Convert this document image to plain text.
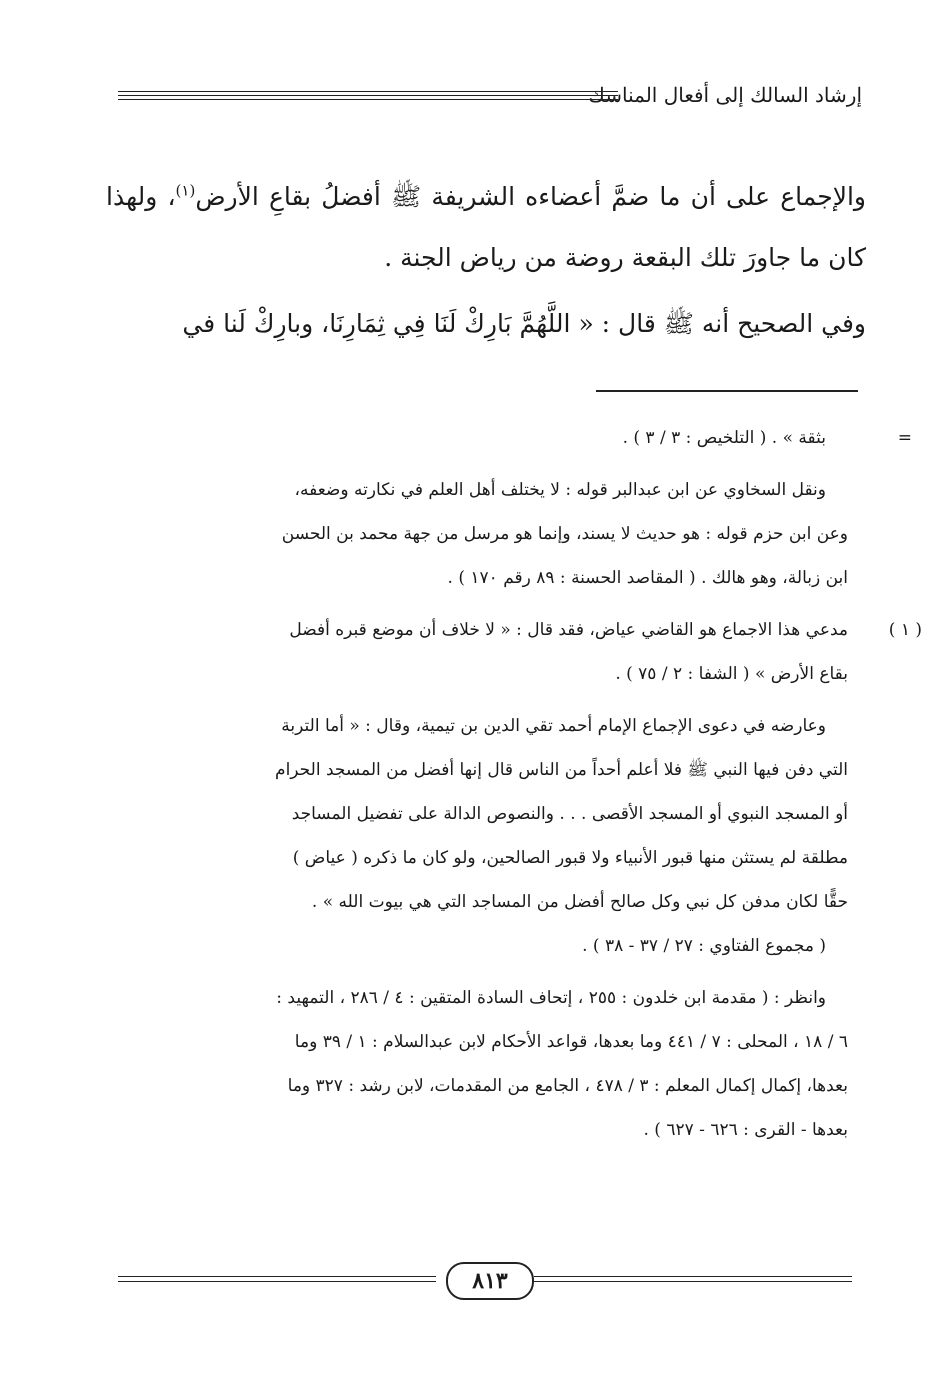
إرشاد السالك إلى أفعال المناسك

والإجماع على أن ما ضمَّ أعضاءه الشريفة ﷺ أفضلُ بقاعِ الأرض$^{(١)}$، ولهذا كان ما جاورَ تلك البقعة روضة من رياض الجنة .

وفي الصحيح أنه ﷺ قال : « اللَّهُمَّ بَارِكْ لَنَا فِي ثِمَارِنَا، وبارِكْ لَنا في

=
بثقة » . ( التلخيص : ٣ / ٣ ) .

ونقل السخاوي عن ابن عبدالبر قوله : لا يختلف أهل العلم في نكارته وضعفه،

وعن ابن حزم قوله : هو حديث لا يسند، وإنما هو مرسل من جهة محمد بن الحسن

ابن زبالة، وهو هالك . ( المقاصد الحسنة : ٨٩ رقم ١٧٠ ) .

( ١ )
مدعي هذا الاجماع هو القاضي عياض، فقد قال : « لا خلاف أن موضع قبره أفضل

بقاع الأرض » ( الشفا : ٢ / ٧٥ ) .

وعارضه في دعوى الإجماع الإمام أحمد تقي الدين بن تيمية، وقال : « أما التربة

التي دفن فيها النبي ﷺ فلا أعلم أحداً من الناس قال إنها أفضل من المسجد الحرام

أو المسجد النبوي أو المسجد الأقصى . . . والنصوص الدالة على تفضيل المساجد

مطلقة لم يستثن منها قبور الأنبياء ولا قبور الصالحين، ولو كان ما ذكره ( عياض )

حقًّا لكان مدفن كل نبي وكل صالح أفضل من المساجد التي هي بيوت الله » .

( مجموع الفتاوي : ٢٧ / ٣٧ - ٣٨ ) .

وانظر : ( مقدمة ابن خلدون : ٢٥٥ ، إتحاف السادة المتقين : ٤ / ٢٨٦ ، التمهيد :

٦ / ١٨ ، المحلى : ٧ / ٤٤١ وما بعدها، قواعد الأحكام لابن عبدالسلام : ١ / ٣٩ وما

بعدها، إكمال إكمال المعلم : ٣ / ٤٧٨ ، الجامع من المقدمات، لابن رشد : ٣٢٧ وما

بعدها - القرى : ٦٢٦ - ٦٢٧ ) .

٨١٣
